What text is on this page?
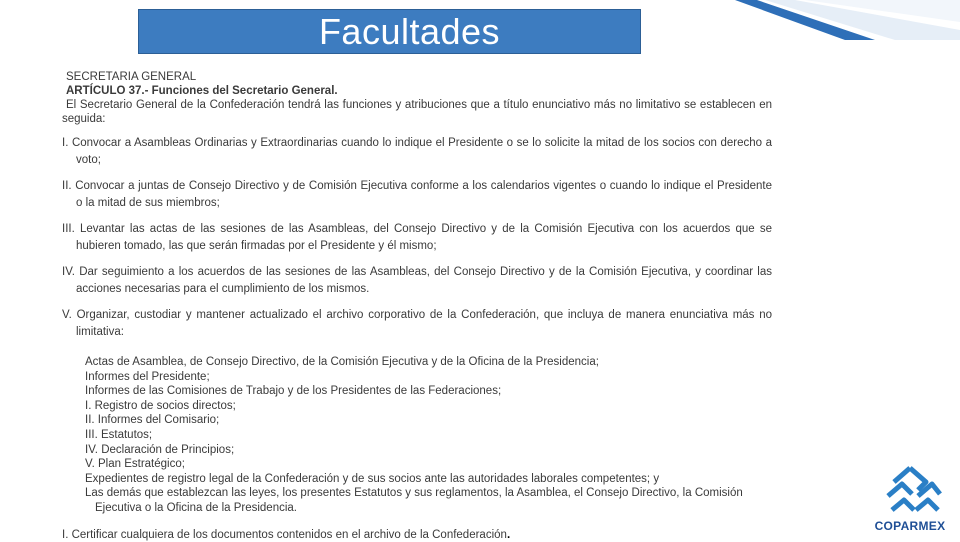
Facultades
SECRETARIA GENERAL
ARTÍCULO 37.- Funciones del Secretario General.
El Secretario General de la Confederación tendrá las funciones y atribuciones que a título enunciativo más no limitativo se establecen en seguida:
I. Convocar a Asambleas Ordinarias y Extraordinarias cuando lo indique el Presidente o se lo solicite la mitad de los socios con derecho a voto;
II. Convocar a juntas de Consejo Directivo y de Comisión Ejecutiva conforme a los calendarios vigentes o cuando lo indique el Presidente o la mitad de sus miembros;
III. Levantar las actas de las sesiones de las Asambleas, del Consejo Directivo y de la Comisión Ejecutiva con los acuerdos que se hubieren tomado, las que serán firmadas por el Presidente y él mismo;
IV. Dar seguimiento a los acuerdos de las sesiones de las Asambleas, del Consejo Directivo y de la Comisión Ejecutiva, y coordinar las acciones necesarias para el cumplimiento de los mismos.
V. Organizar, custodiar y mantener actualizado el archivo corporativo de la Confederación, que incluya de manera enunciativa más no limitativa:
Actas de Asamblea, de Consejo Directivo, de la Comisión Ejecutiva y de la Oficina de la Presidencia;
Informes del Presidente;
Informes de las Comisiones de Trabajo y de los Presidentes de las Federaciones;
I. Registro de socios directos;
II. Informes del Comisario;
III. Estatutos;
IV. Declaración de Principios;
V. Plan Estratégico;
Expedientes de registro legal de la Confederación y de sus socios ante las autoridades laborales competentes; y
Las demás que establezcan las leyes, los presentes Estatutos y sus reglamentos, la Asamblea, el Consejo Directivo, la Comisión Ejecutiva o la Oficina de la Presidencia.
I. Certificar cualquiera de los documentos contenidos en el archivo de la Confederación.
COPARMEX
